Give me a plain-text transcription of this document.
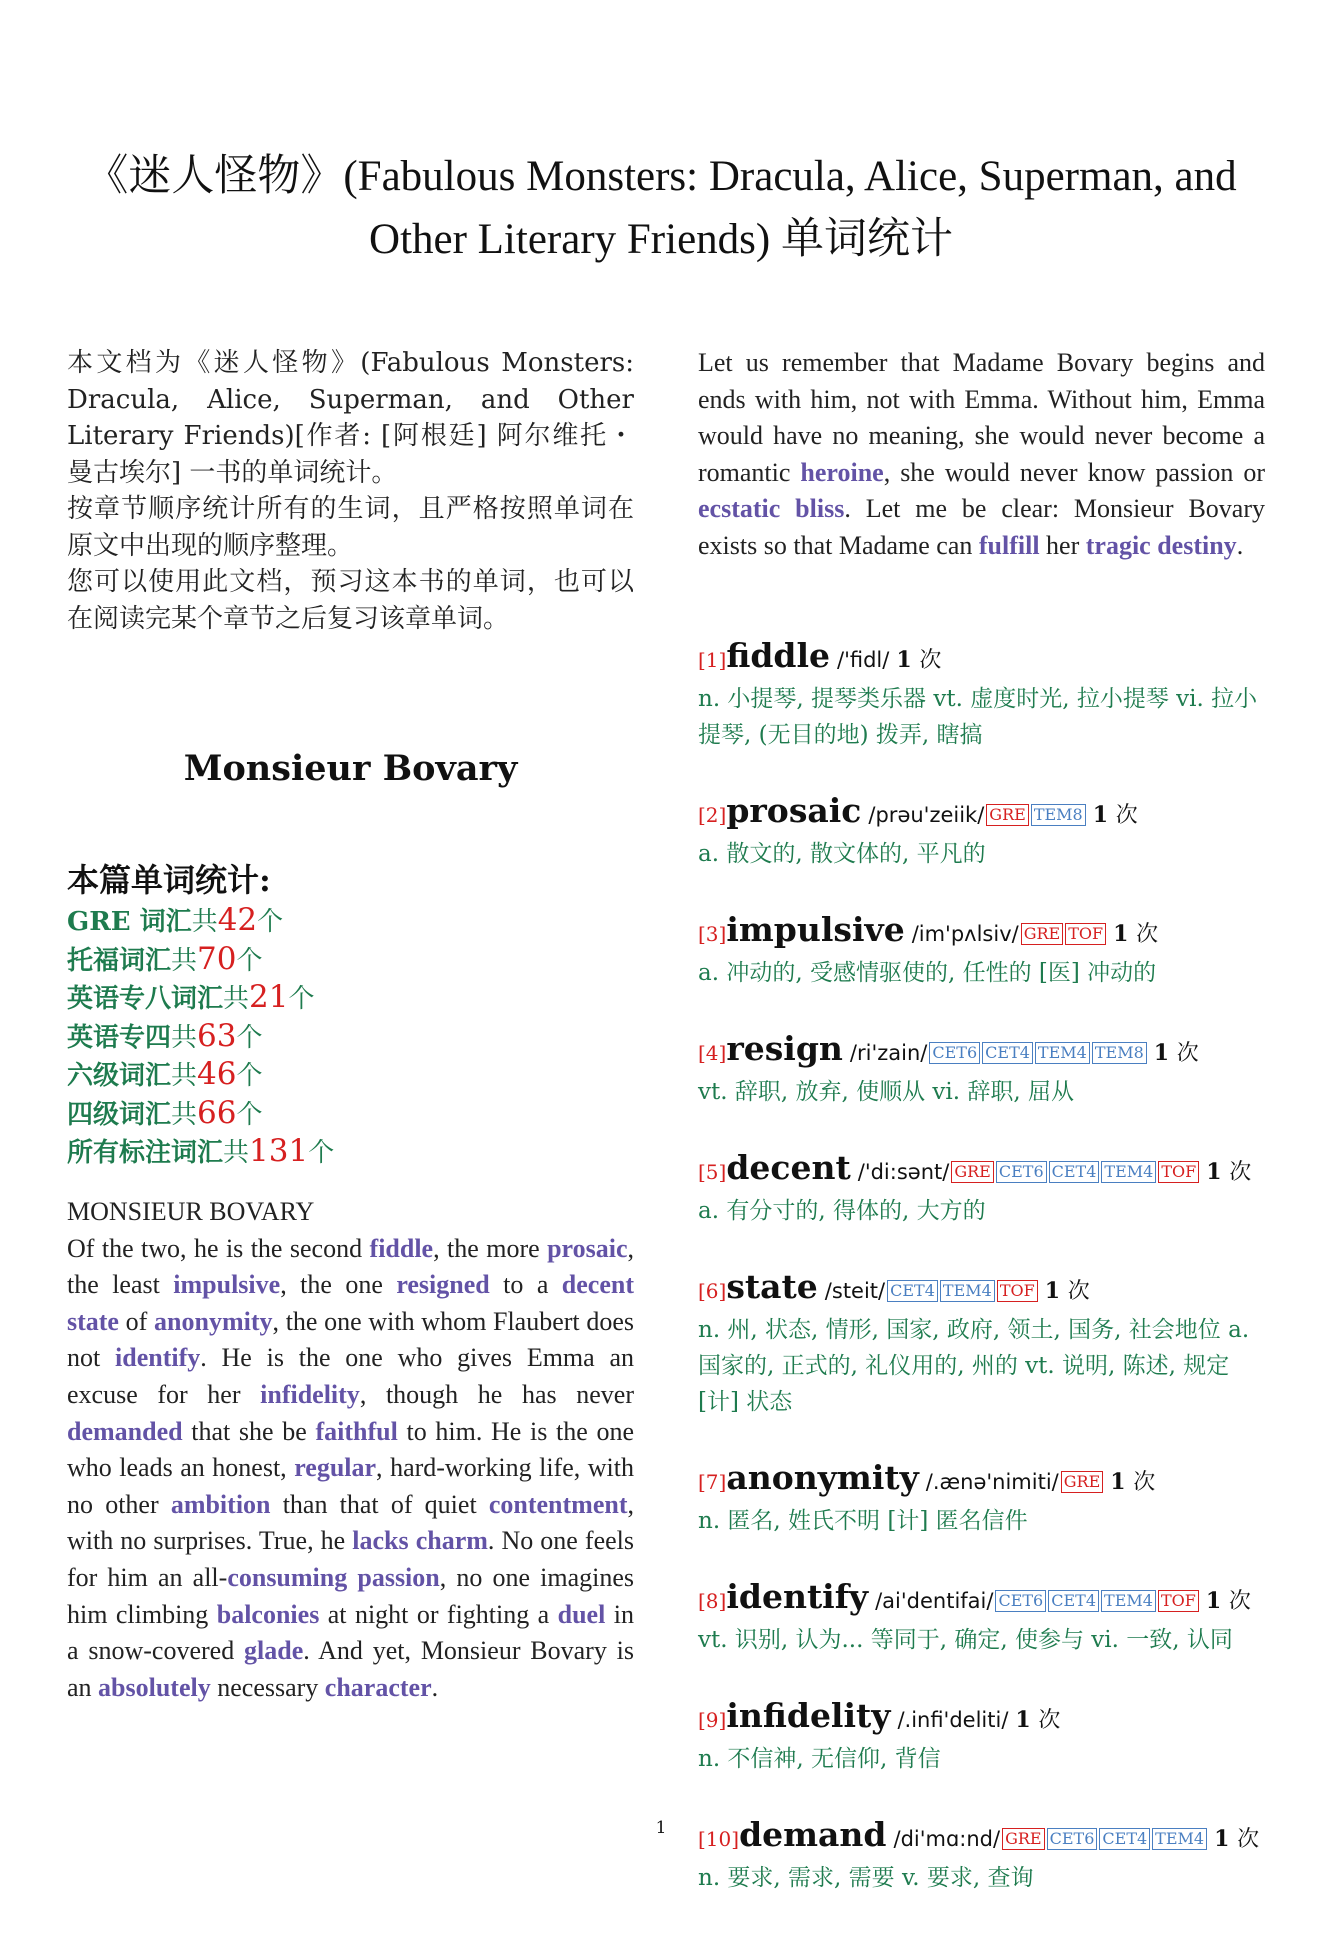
《迷人怪物》(Fabulous Monsters: Dracula, Alice, Superman, and Other Literary Friends) 单词统计

本文档为《迷人怪物》(Fabulous Monsters: Dracula, Alice, Superman, and Other Literary Friends)[作者: [阿根廷] 阿尔维托・曼古埃尔] 一书的单词统计。

按章节顺序统计所有的生词，且严格按照单词在原文中出现的顺序整理。

您可以使用此文档，预习这本书的单词，也可以在阅读完某个章节之后复习该章单词。

Monsieur Bovary
本篇单词统计:
GRE 词汇共42个
托福词汇共70个
英语专八词汇共21个
英语专四共63个
六级词汇共46个
四级词汇共66个
所有标注词汇共131个
MONSIEUR BOVARY
Of the two, he is the second fiddle, the more prosaic, the least impulsive, the one resigned to a decent state of anonymity, the one with whom Flaubert does not identify. He is the one who gives Emma an excuse for her infidelity, though he has never demanded that she be faithful to him. He is the one who leads an honest, regular, hard-working life, with no other ambition than that of quiet contentment, with no surprises. True, he lacks charm. No one feels for him an all-consuming passion, no one imagines him climbing balconies at night or fighting a duel in a snow-covered glade. And yet, Monsieur Bovary is an absolutely necessary character.

Let us remember that Madame Bovary begins and ends with him, not with Emma. Without him, Emma would have no meaning, she would never become a romantic heroine, she would never know passion or ecstatic bliss. Let me be clear: Monsieur Bovary exists so that Madame can fulfill her tragic destiny.

[1]fiddle /'fidl/ 1 次
n. 小提琴, 提琴类乐器 vt. 虚度时光, 拉小提琴 vi. 拉小提琴, (无目的地) 拨弄, 瞎搞
[2]prosaic /prəu'zeiik/ GRE TEM8 1 次
a. 散文的, 散文体的, 平凡的
[3]impulsive /im'pʌlsiv/ GRE TOF 1 次
a. 冲动的, 受感情驱使的, 任性的 [医] 冲动的
[4]resign /ri'zain/ CET6 CET4 TEM4 TEM8 1 次
vt. 辞职, 放弃, 使顺从 vi. 辞职, 屈从
[5]decent /'di:sənt/ GRE CET6 CET4 TEM4 TOF 1 次
a. 有分寸的, 得体的, 大方的
[6]state /steit/ CET4 TEM4 TOF 1 次
n. 州, 状态, 情形, 国家, 政府, 领土, 国务, 社会地位 a. 国家的, 正式的, 礼仪用的, 州的 vt. 说明, 陈述, 规定 [计] 状态
[7]anonymity /.ænə'nimiti/ GRE 1 次
n. 匿名, 姓氏不明 [计] 匿名信件
[8]identify /ai'dentifai/ CET6 CET4 TEM4 TOF 1 次
vt. 识别, 认为... 等同于, 确定, 使参与 vi. 一致, 认同
[9]infidelity /.infi'deliti/ 1 次
n. 不信神, 无信仰, 背信
[10]demand /di'mɑ:nd/ GRE CET6 CET4 TEM4 1 次
n. 要求, 需求, 需要 v. 要求, 查询
1
